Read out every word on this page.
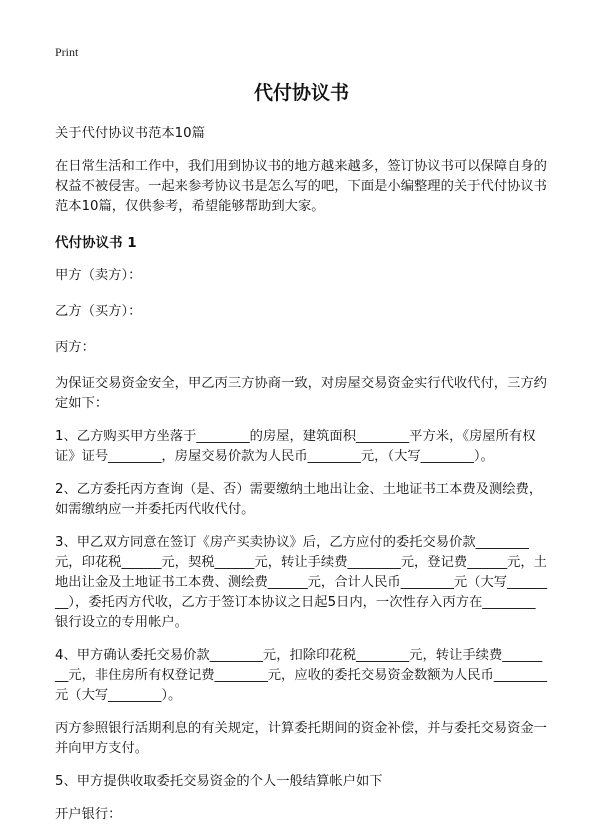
Print
代付协议书

关于代付协议书范本10篇

在日常生活和工作中，我们用到协议书的地方越来越多，签订协议书可以保障自身的权益不被侵害。一起来参考协议书是怎么写的吧，下面是小编整理的关于代付协议书范本10篇，仅供参考，希望能够帮助到大家。

代付协议书 1

甲方（卖方）：

乙方（买方）：

丙方：

为保证交易资金安全，甲乙丙三方协商一致，对房屋交易资金实行代收代付，三方约定如下：

1、乙方购买甲方坐落于________的房屋，建筑面积________平方米，《房屋所有权证》证号________，房屋交易价款为人民币________元，（大写________）。

2、乙方委托丙方查询（是、否）需要缴纳土地出让金、土地证书工本费及测绘费，如需缴纳应一并委托丙代收代付。

3、甲乙双方同意在签订《房产买卖协议》后，乙方应付的委托交易价款________元，印花税______元，契税______元，转让手续费________元，登记费______元，土地出让金及土地证书工本费、测绘费______元，合计人民币________元（大写________），委托丙方代收，乙方于签订本协议之日起5日内，一次性存入丙方在________银行设立的专用帐户。

4、甲方确认委托交易价款________元，扣除印花税________元，转让手续费________元，非住房所有权登记费________元，应收的委托交易资金数额为人民币________元（大写________）。

丙方参照银行活期利息的有关规定，计算委托期间的资金补偿，并与委托交易资金一并向甲方支付。

5、甲方提供收取委托交易资金的个人一般结算帐户如下

开户银行：
